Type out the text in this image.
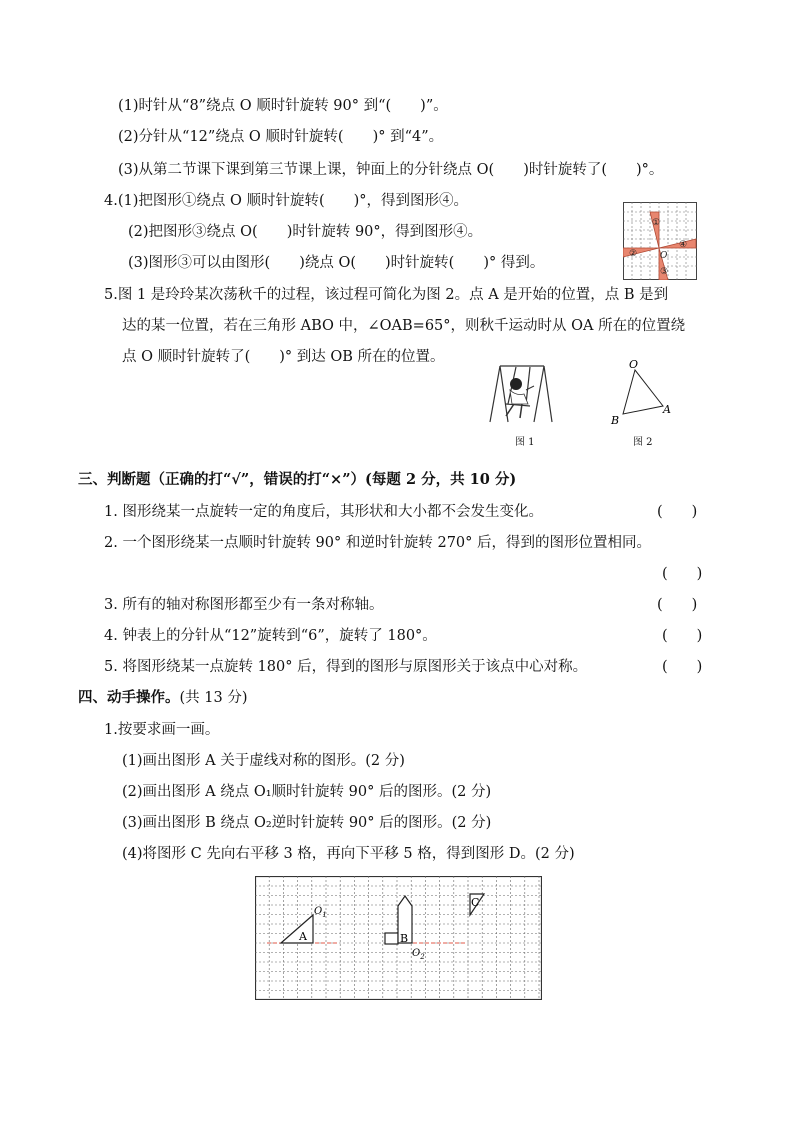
(1)时针从“8”绕点 O 顺时针旋转 90° 到“(　　)”。
(2)分针从“12”绕点 O 顺时针旋转(　　)° 到“4”。
(3)从第二节课下课到第三节课上课，钟面上的分针绕点 O(　　)时针旋转了(　　)°。
4.(1)把图形①绕点 O 顺时针旋转(　　)°，得到图形④。
(2)把图形③绕点 O(　　)时针旋转 90°，得到图形④。
(3)图形③可以由图形(　　)绕点 O(　　)时针旋转(　　)° 得到。
①
②
③
④
O
5.图 1 是玲玲某次荡秋千的过程，该过程可简化为图 2。点 A 是开始的位置，点 B 是到
达的某一位置，若在三角形 ABO 中，∠OAB=65°，则秋千运动时从 OA 所在的位置绕
点 O 顺时针旋转了(　　)° 到达 OB 所在的位置。
图 1
O
A
B
图 2
三、判断题（正确的打“√”，错误的打“×”）(每题 2 分，共 10 分)
1. 图形绕某一点旋转一定的角度后，其形状和大小都不会发生变化。	(　　)
2. 一个图形绕某一点顺时针旋转 90° 和逆时针旋转 270° 后，得到的图形位置相同。
(　　)
3. 所有的轴对称图形都至少有一条对称轴。	(　　)
4. 钟表上的分针从“12”旋转到“6”，旋转了 180°。	(　　)
5. 将图形绕某一点旋转 180° 后，得到的图形与原图形关于该点中心对称。	(　　)
四、动手操作。(共 13 分)
1.按要求画一画。
(1)画出图形 A 关于虚线对称的图形。(2 分)
(2)画出图形 A 绕点 O₁顺时针旋转 90° 后的图形。(2 分)
(3)画出图形 B 绕点 O₂逆时针旋转 90° 后的图形。(2 分)
(4)将图形 C 先向右平移 3 格，再向下平移 5 格，得到图形 D。(2 分)
A
$O_1$
B
$O_2$
C
